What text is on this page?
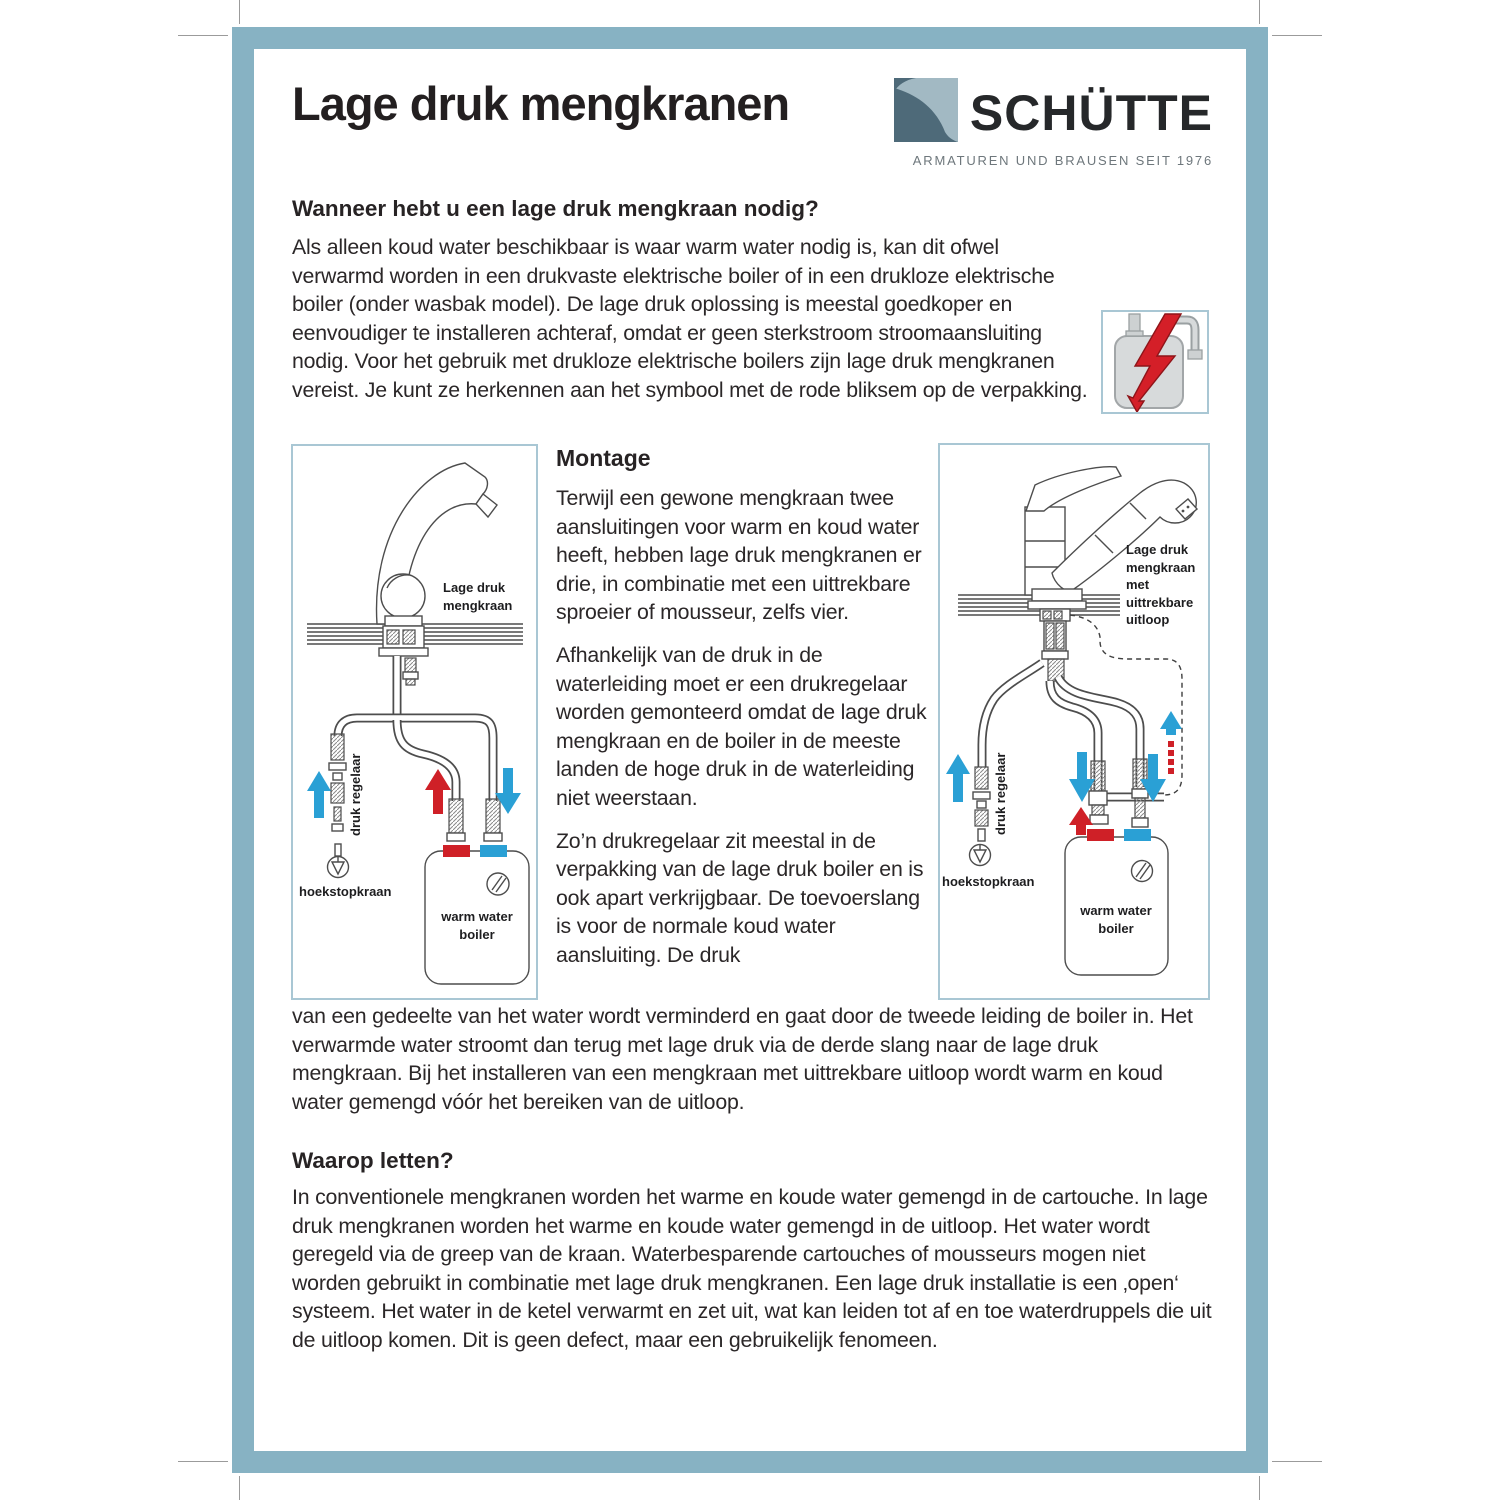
Lage druk mengkranen	SCHÜTTE
ARMATUREN UND BRAUSEN SEIT 1976
Wanneer hebt u een lage druk mengkraan nodig?

Als alleen koud water beschikbaar is waar warm water nodig is, kan dit ofwel verwarmd worden in een drukvaste elektrische boiler of in een drukloze elektrische boiler (onder wasbak model). De lage druk oplossing is meestal goedkoper en eenvoudiger te installeren achteraf, omdat er geen sterkstroom stroomaansluiting nodig. Voor het gebruik met drukloze elektrische boilers zijn lage druk mengkranen vereist. Je kunt ze herkennen aan het symbool met de rode bliksem op de verpakking.

Lage druk mengkraan
druk regelaar
hoekstopkraan
warm water boiler
Montage

Terwijl een gewone mengkraan twee aansluitingen voor warm en koud water heeft, hebben lage druk mengkranen er drie, in combinatie met een uittrekbare sproeier of mousseur, zelfs vier.

Afhankelijk van de druk in de waterleiding moet er een drukregelaar worden gemonteerd omdat de lage druk mengkraan en de boiler in de meeste landen de hoge druk in de waterleiding niet weerstaan.

Zo’n drukregelaar zit meestal in de verpakking van de lage druk boiler en is ook apart verkrijgbaar. De toevoerslang is voor de normale koud water aansluiting. De druk

Lage druk mengkraan met uittrekbare uitloop
druk regelaar
hoekstopkraan
warm water boiler

van een gedeelte van het water wordt verminderd en gaat door de tweede leiding de boiler in. Het verwarmde water stroomt dan terug met lage druk via de derde slang naar de lage druk mengkraan. Bij het installeren van een mengkraan met uittrekbare uitloop wordt warm en koud water gemengd vóór het bereiken van de uitloop.

Waarop letten?

In conventionele mengkranen worden het warme en koude water gemengd in de cartouche. In lage druk mengkranen worden het warme en koude water gemengd in de uitloop. Het water wordt geregeld via de greep van de kraan. Waterbesparende cartouches of mousseurs mogen niet worden gebruikt in combinatie met lage druk mengkranen. Een lage druk installatie is een ‚open‘ systeem. Het water in de ketel verwarmt en zet uit, wat kan leiden tot af en toe waterdruppels die uit de uitloop komen. Dit is geen defect, maar een gebruikelijk fenomeen.
